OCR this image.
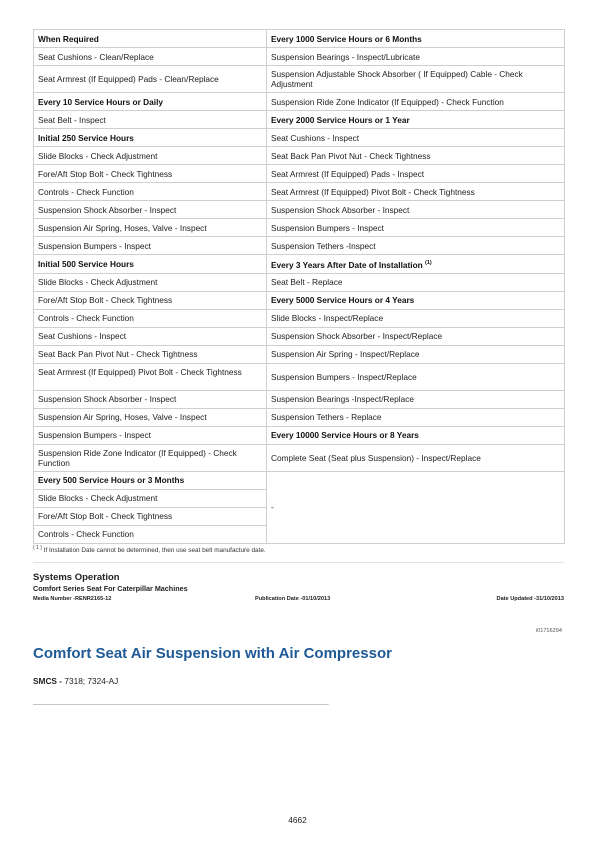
When Required	Every 1000 Service Hours or 6 Months
Seat Cushions - Clean/Replace	Suspension Bearings - Inspect/Lubricate
Seat Armrest (If Equipped) Pads - Clean/Replace	Suspension Adjustable Shock Absorber ( If Equipped) Cable - Check Adjustment
Every 10 Service Hours or Daily	Suspension Ride Zone Indicator (If Equipped) - Check Function
Seat Belt - Inspect	Every 2000 Service Hours or 1 Year
Initial 250 Service Hours	Seat Cushions - Inspect
Slide Blocks - Check Adjustment	Seat Back Pan Pivot Nut - Check Tightness
Fore/Aft Stop Bolt - Check Tightness	Seat Armrest (If Equipped) Pads - Inspect
Controls - Check Function	Seat Armrest (If Equipped) Pivot Bolt - Check Tightness
Suspension Shock Absorber - Inspect	Suspension Shock Absorber - Inspect
Suspension Air Spring, Hoses, Valve - Inspect	Suspension Bumpers - Inspect
Suspension Bumpers - Inspect	Suspension Tethers -Inspect
Initial 500 Service Hours	Every 3 Years After Date of Installation $^{(1)}$
Slide Blocks - Check Adjustment	Seat Belt - Replace
Fore/Aft Stop Bolt - Check Tightness	Every 5000 Service Hours or 4 Years
Controls - Check Function	Slide Blocks - Inspect/Replace
Seat Cushions - Inspect	Suspension Shock Absorber - Inspect/Replace
Seat Back Pan Pivot Nut - Check Tightness	Suspension Air Spring - Inspect/Replace
Seat Armrest (If Equipped) Pivot Bolt - Check Tightness	Suspension Bumpers - Inspect/Replace
Suspension Shock Absorber - Inspect	Suspension Bearings -Inspect/Replace
Suspension Air Spring, Hoses, Valve - Inspect	Suspension Tethers - Replace
Suspension Bumpers - Inspect	Every 10000 Service Hours or 8 Years
Suspension Ride Zone Indicator (If Equipped) - Check Function	Complete Seat (Seat plus Suspension) - Inspect/Replace
Every 500 Service Hours or 3 Months	-
Slide Blocks - Check Adjustment	
Fore/Aft Stop Bolt - Check Tightness	
Controls - Check Function	
$^{( 1 )}$ If Installation Date cannot be determined, then use seat belt manufacture date.
Systems Operation
Comfort Series Seat For Caterpillar Machines
Media Number -RENR2165-12	Publication Date -01/10/2013	Date Updated -31/10/2013
i01716294
Comfort Seat Air Suspension with Air Compressor
SMCS - 7318; 7324-AJ
________________________________________________________________________________________________________
4662
